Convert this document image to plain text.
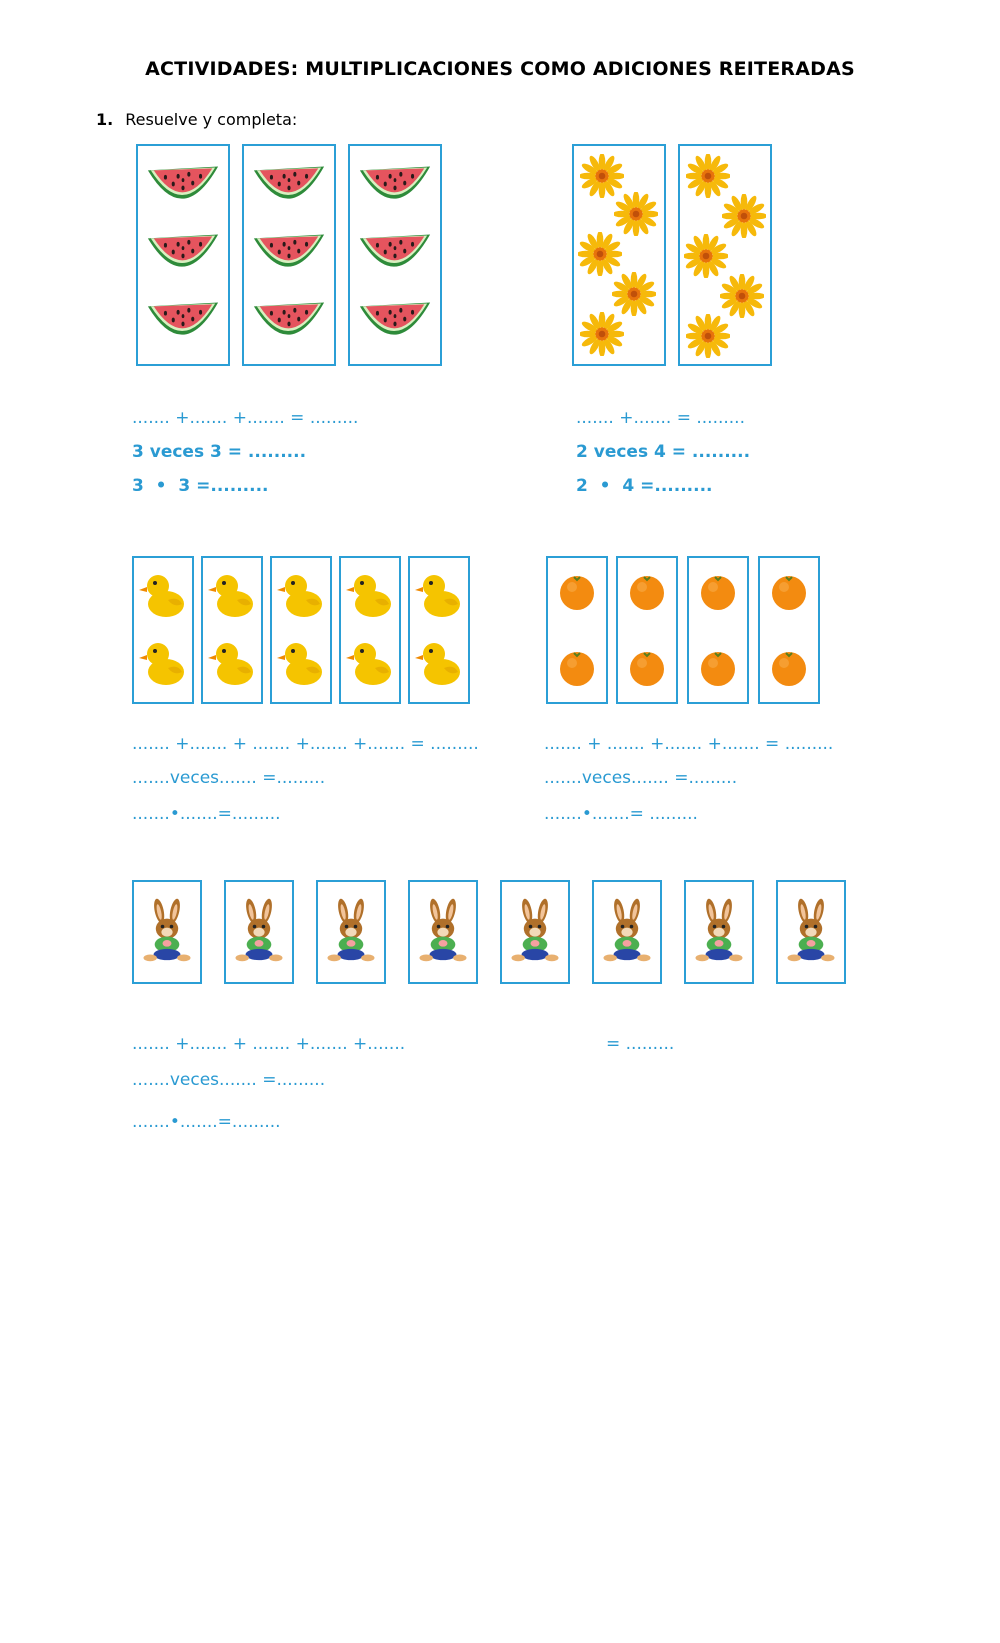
ACTIVIDADES: MULTIPLICACIONES COMO ADICIONES REITERADAS
1. Resuelve y completa:
....... +....... +....... = .........
3 veces 3 = .........
3  •  3 =.........
....... +....... = .........
2 veces 4 = .........
2  •  4 =.........
....... +....... + ....... +....... +....... = .........
.......veces....... =.........
.......•.......=.........
....... + ....... +....... +....... = .........
.......veces....... =.........
.......•.......= .........
....... +....... + ....... +....... +.......	= .........
.......veces....... =.........
.......•.......=.........
